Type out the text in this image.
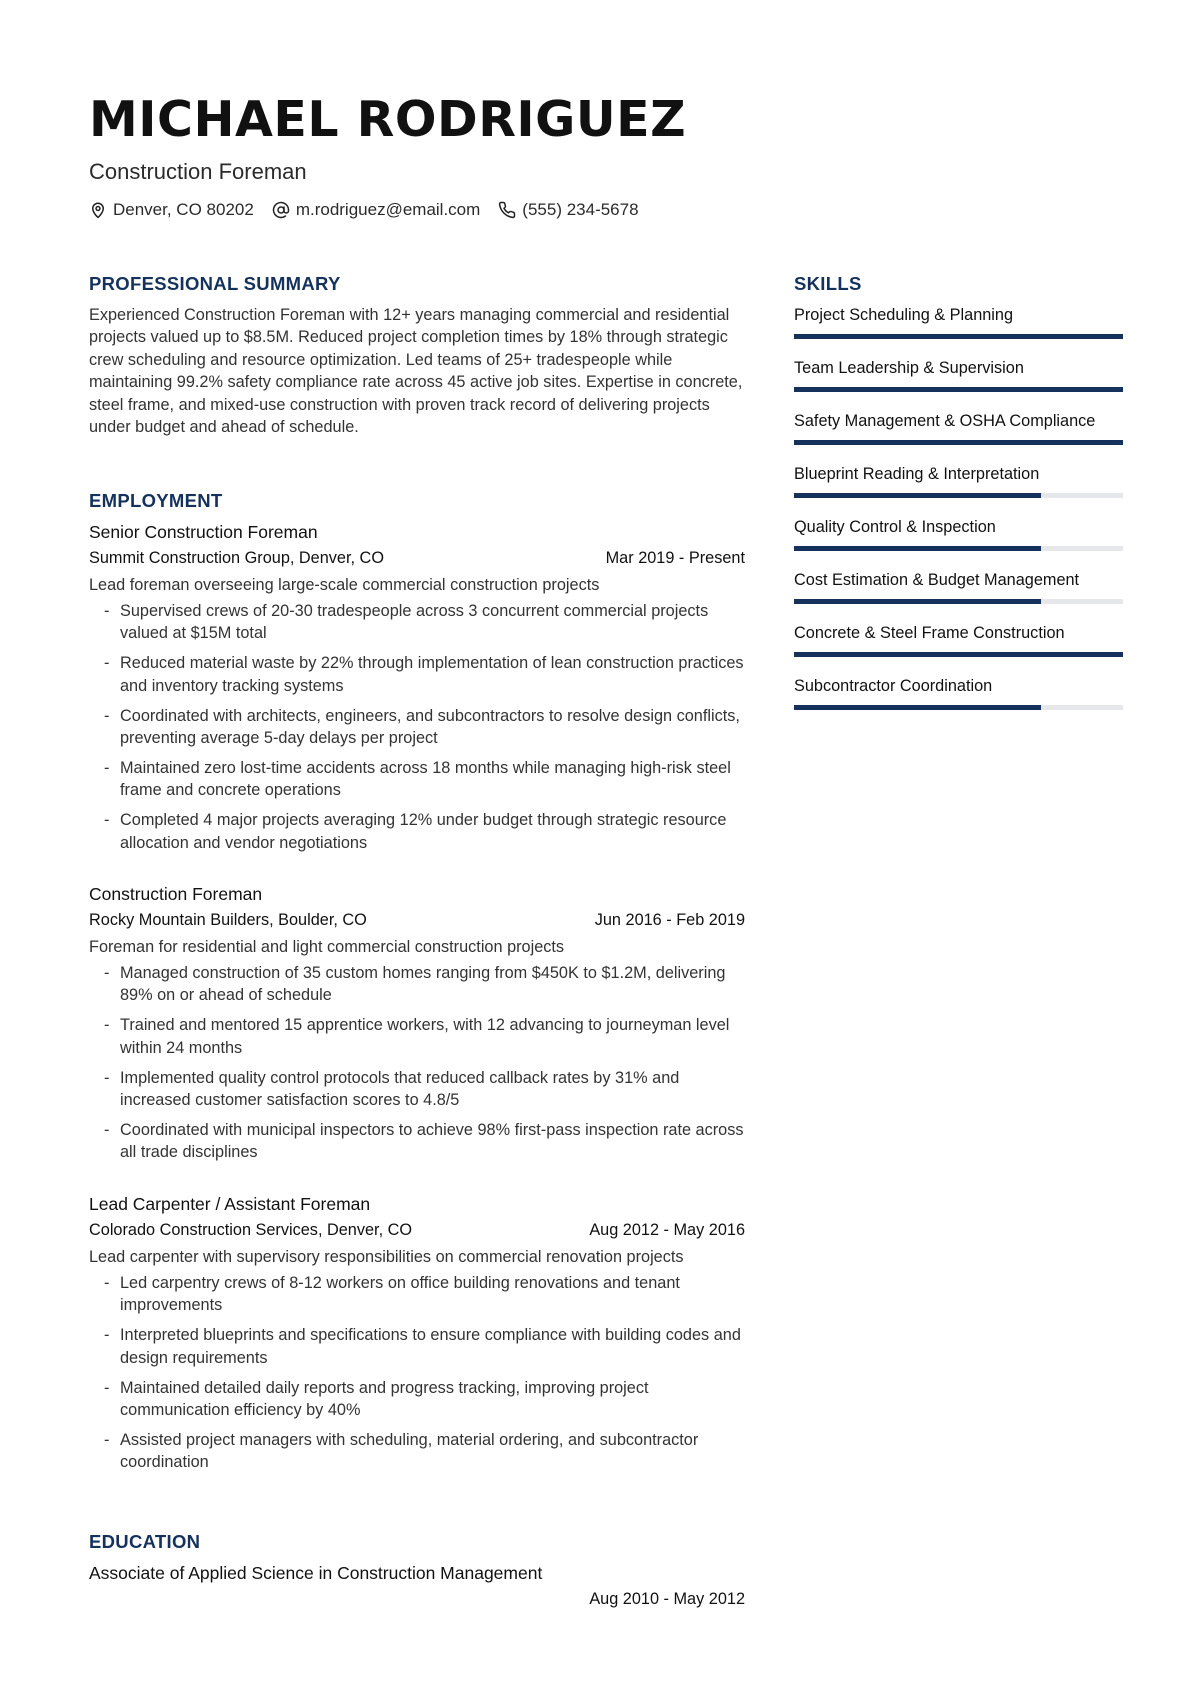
MICHAEL RODRIGUEZ
Construction Foreman
Denver, CO 80202 m.rodriguez@email.com (555) 234-5678
PROFESSIONAL SUMMARY
Experienced Construction Foreman with 12+ years managing commercial and residential projects valued up to $8.5M. Reduced project completion times by 18% through strategic crew scheduling and resource optimization. Led teams of 25+ tradespeople while maintaining 99.2% safety compliance rate across 45 active job sites. Expertise in concrete, steel frame, and mixed-use construction with proven track record of delivering projects under budget and ahead of schedule.
EMPLOYMENT
Senior Construction Foreman
Summit Construction Group, Denver, CO	Mar 2019 - Present
Lead foreman overseeing large-scale commercial construction projects
- Supervised crews of 20-30 tradespeople across 3 concurrent commercial projects valued at $15M total
- Reduced material waste by 22% through implementation of lean construction practices and inventory tracking systems
- Coordinated with architects, engineers, and subcontractors to resolve design conflicts, preventing average 5-day delays per project
- Maintained zero lost-time accidents across 18 months while managing high-risk steel frame and concrete operations
- Completed 4 major projects averaging 12% under budget through strategic resource allocation and vendor negotiations
Construction Foreman
Rocky Mountain Builders, Boulder, CO	Jun 2016 - Feb 2019
Foreman for residential and light commercial construction projects
- Managed construction of 35 custom homes ranging from $450K to $1.2M, delivering 89% on or ahead of schedule
- Trained and mentored 15 apprentice workers, with 12 advancing to journeyman level within 24 months
- Implemented quality control protocols that reduced callback rates by 31% and increased customer satisfaction scores to 4.8/5
- Coordinated with municipal inspectors to achieve 98% first-pass inspection rate across all trade disciplines
Lead Carpenter / Assistant Foreman
Colorado Construction Services, Denver, CO	Aug 2012 - May 2016
Lead carpenter with supervisory responsibilities on commercial renovation projects
- Led carpentry crews of 8-12 workers on office building renovations and tenant improvements
- Interpreted blueprints and specifications to ensure compliance with building codes and design requirements
- Maintained detailed daily reports and progress tracking, improving project communication efficiency by 40%
- Assisted project managers with scheduling, material ordering, and subcontractor coordination
EDUCATION
Associate of Applied Science in Construction Management
Aug 2010 - May 2012
SKILLS
Project Scheduling & Planning
Team Leadership & Supervision
Safety Management & OSHA Compliance
Blueprint Reading & Interpretation
Quality Control & Inspection
Cost Estimation & Budget Management
Concrete & Steel Frame Construction
Subcontractor Coordination
